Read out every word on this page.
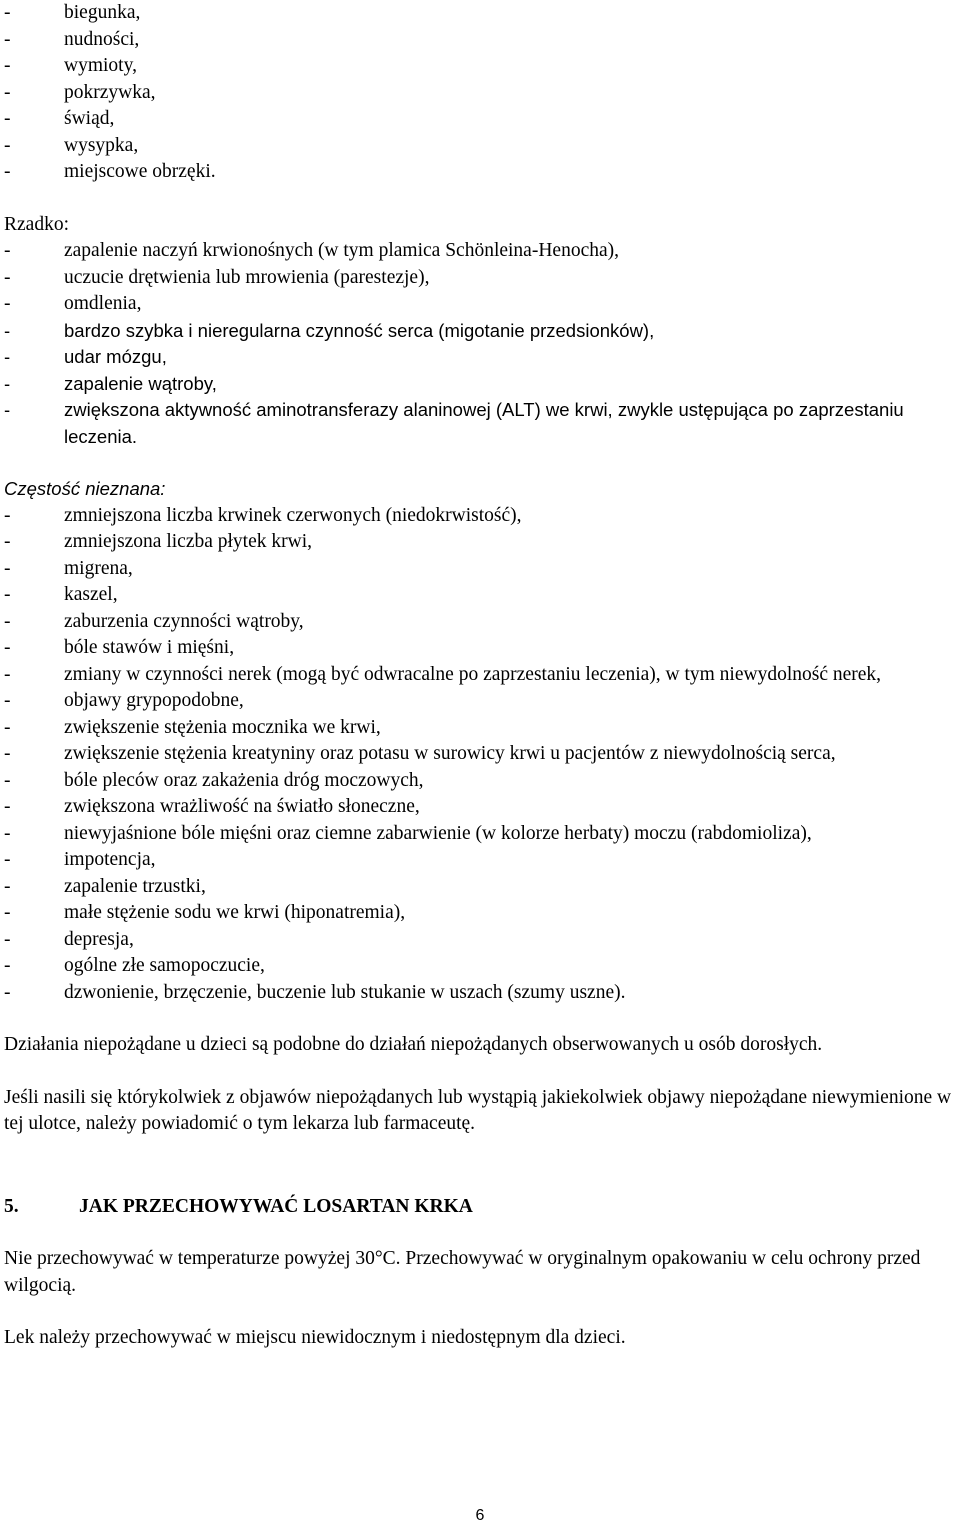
-	biegunka,
-	nudności,
-	wymioty,
-	pokrzywka,
-	świąd,
-	wysypka,
-	miejscowe obrzęki.

Rzadko:

-	zapalenie naczyń krwionośnych (w tym plamica Schönleina-Henocha),
-	uczucie drętwienia lub mrowienia (parestezje),
-	omdlenia,
-	bardzo szybka i nieregularna czynność serca (migotanie przedsionków),
-	udar mózgu,
-	zapalenie wątroby,
-	zwiększona aktywność aminotransferazy alaninowej (ALT) we krwi, zwykle ustępująca po zaprzestaniu leczenia.

Częstość nieznana:

-	zmniejszona liczba krwinek czerwonych (niedokrwistość),
-	zmniejszona liczba płytek krwi,
-	migrena,
-	kaszel,
-	zaburzenia czynności wątroby,
-	bóle stawów i mięśni,
-	zmiany w czynności nerek (mogą być odwracalne po zaprzestaniu leczenia), w tym niewydolność nerek,
-	objawy grypopodobne,
-	zwiększenie stężenia mocznika we krwi,
-	zwiększenie stężenia kreatyniny oraz potasu w surowicy krwi u pacjentów z niewydolnością serca,
-	bóle pleców oraz zakażenia dróg moczowych,
-	zwiększona wrażliwość na światło słoneczne,
-	niewyjaśnione bóle mięśni oraz ciemne zabarwienie (w kolorze herbaty) moczu (rabdomioliza),
-	impotencja,
-	zapalenie trzustki,
-	małe stężenie sodu we krwi (hiponatremia),
-	depresja,
-	ogólne złe samopoczucie,
-	dzwonienie, brzęczenie, buczenie lub stukanie w uszach (szumy uszne).

Działania niepożądane u dzieci są podobne do działań niepożądanych obserwowanych u osób dorosłych.

Jeśli nasili się którykolwiek z objawów niepożądanych lub wystąpią jakiekolwiek objawy niepożądane niewymienione w tej ulotce, należy powiadomić o tym lekarza lub farmaceutę.

5.	JAK PRZECHOWYWAĆ LOSARTAN KRKA

Nie przechowywać w temperaturze powyżej 30°C. Przechowywać w oryginalnym opakowaniu w celu ochrony przed wilgocią.

Lek należy przechowywać w miejscu niewidocznym i niedostępnym dla dzieci.

6
